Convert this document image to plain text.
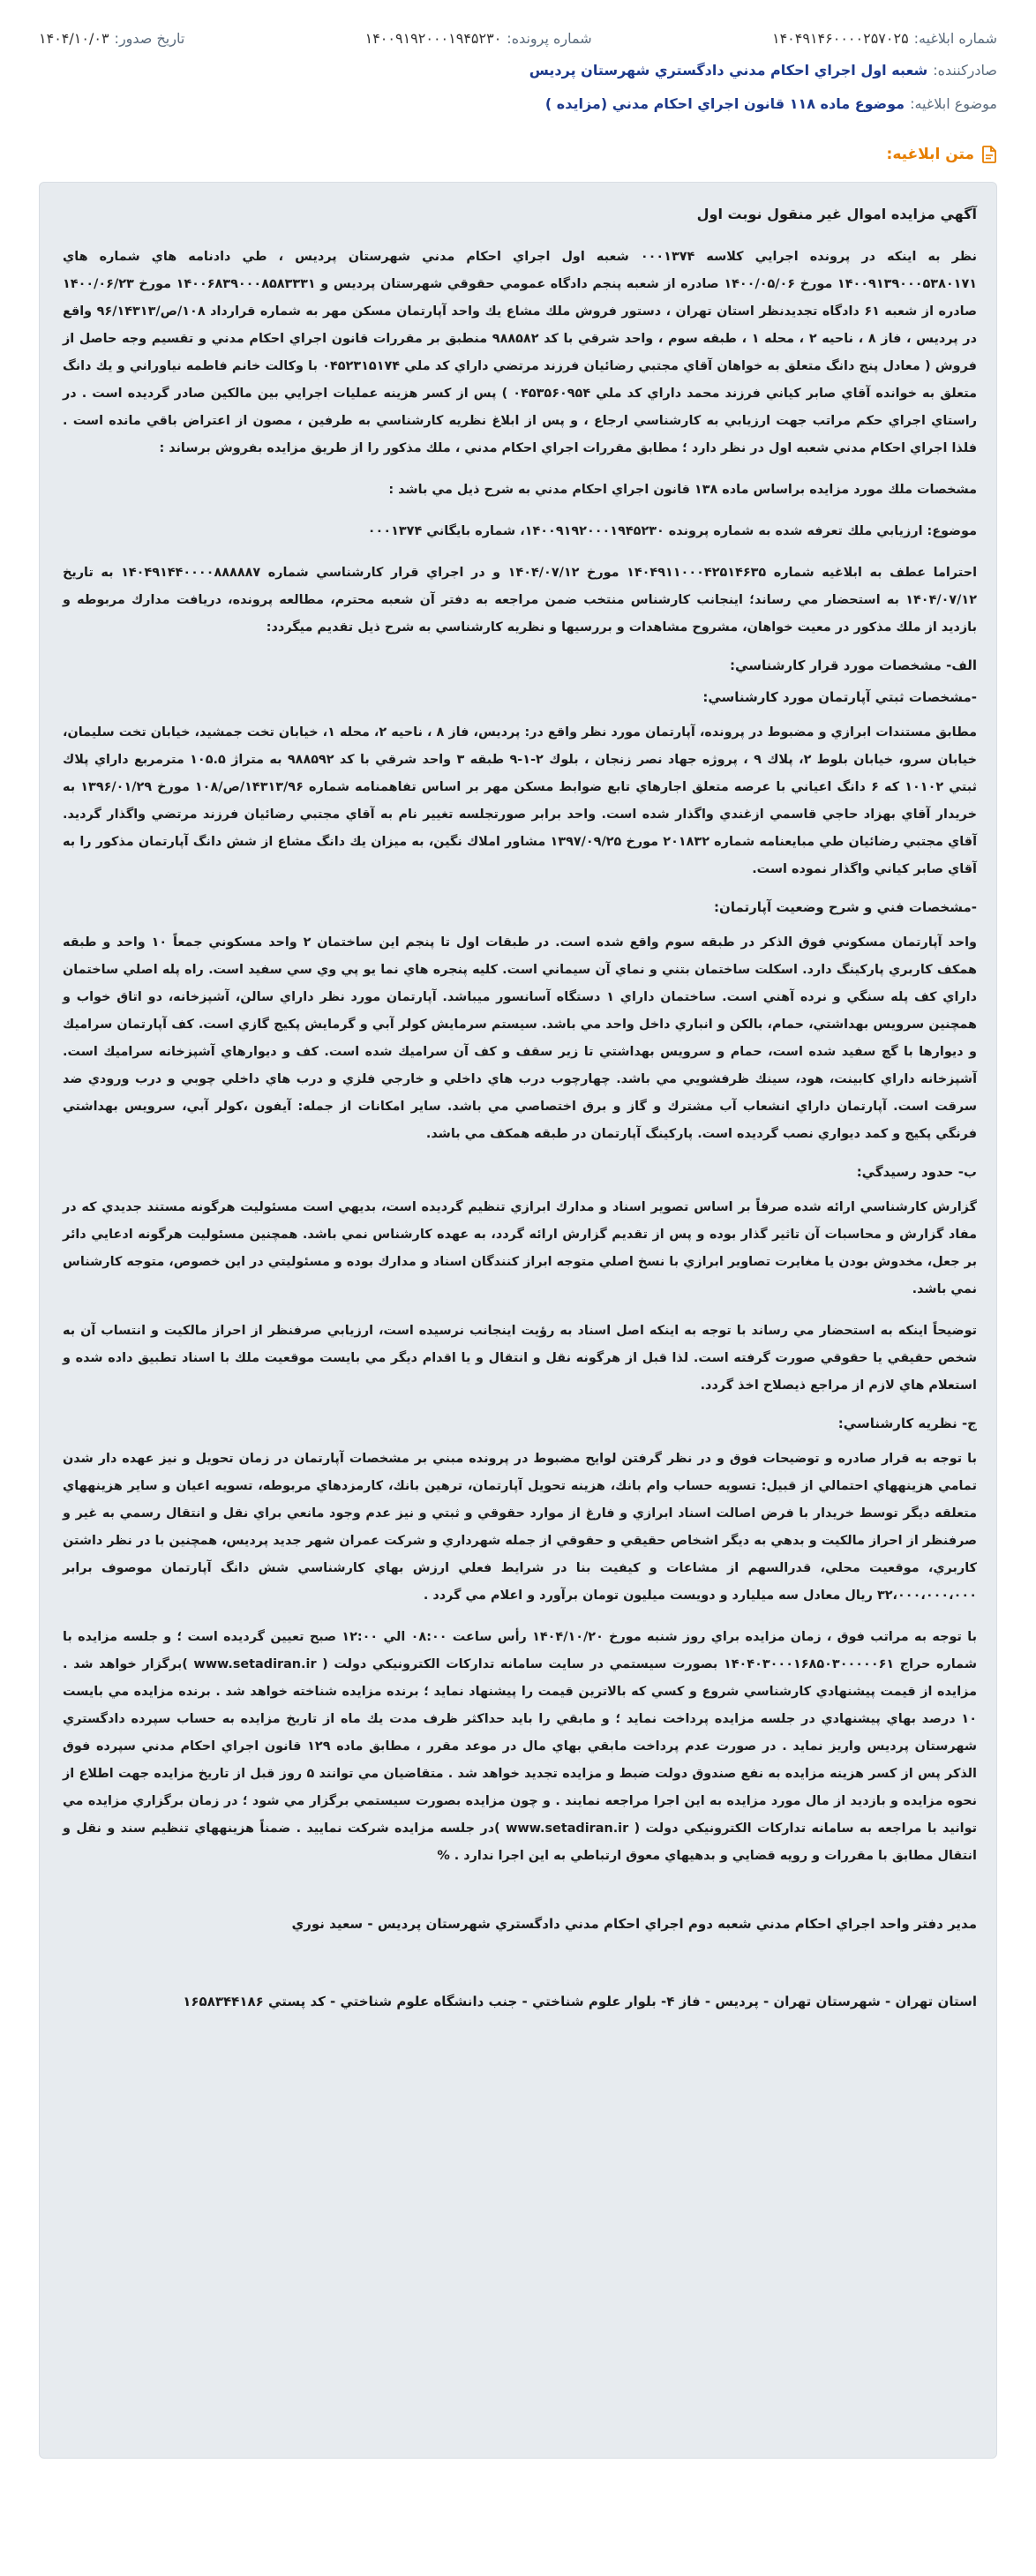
شماره ابلاغیه:
۱۴۰۴۹۱۴۶۰۰۰۰۲۵۷۰۲۵
شماره پرونده:
۱۴۰۰۹۱۹۲۰۰۰۱۹۴۵۲۳۰
تاریخ صدور:
۱۴۰۴/۱۰/۰۳
صادرکننده:
شعبه اول اجراي احكام مدني دادگستري شهرستان پرديس
موضوع ابلاغیه:
موضوع ماده ۱۱۸ قانون اجراي احكام مدني (مزايده )
متن ابلاغیه:
آگهي مزايده اموال غير منقول نوبت اول

نظر به اينكه در پرونده اجرايي كلاسه ۰۰۰۱۳۷۴ شعبه اول اجراي احكام مدني شهرستان پرديس ، طي دادنامه هاي شماره هاي ۱۴۰۰۹۱۳۹۰۰۰۵۳۸۰۱۷۱ مورخ ۱۴۰۰/۰۵/۰۶ صادره از شعبه پنجم دادگاه عمومي حقوقي شهرستان پرديس و ۱۴۰۰۶۸۳۹۰۰۰۸۵۸۳۳۳۱ مورخ ۱۴۰۰/۰۶/۲۳ صادره از شعبه ۶۱ دادگاه تجديدنظر استان تهران ، دستور فروش ملك مشاع يك واحد آپارتمان مسكن مهر به شماره قرارداد ۱۰۸/ص/۹۶/۱۴۳۱۳ واقع در پرديس ، فاز ۸ ، ناحيه ۲ ، محله ۱ ، طبقه سوم ، واحد شرقي با كد ۹۸۸۵۸۲ منطبق بر مقررات قانون اجراي احكام مدني و تقسيم وجه حاصل از فروش ( معادل پنج دانگ متعلق به خواهان آقاي مجتبي رضائيان فرزند مرتضي داراي كد ملي ۰۴۵۲۳۱۵۱۷۴ با وكالت خانم فاطمه نياوراني و يك دانگ متعلق به خوانده آقاي صابر كياني فرزند محمد داراي كد ملي ۰۴۵۳۵۶۰۹۵۴ ) پس از كسر هزينه عمليات اجرايي بين مالكين صادر گرديده است . در راستاي اجراي حكم مراتب جهت ارزيابي به كارشناسي ارجاع ، و پس از ابلاغ نظريه كارشناسي به طرفين ، مصون از اعتراض باقي مانده است . فلذا اجراي احكام مدني شعبه اول در نظر دارد ؛ مطابق مقررات اجراي احكام مدني ، ملك مذكور را از طريق مزايده بفروش برساند :

مشخصات ملك مورد مزايده براساس ماده ۱۳۸ قانون اجراي احكام مدني به شرح ذيل مي باشد :

موضوع: ارزيابي ملك تعرفه شده به شماره پرونده ۱۴۰۰۹۱۹۲۰۰۰۱۹۴۵۲۳۰، شماره بايگاني ۰۰۰۱۳۷۴

احتراما عطف به ابلاغيه شماره ۱۴۰۴۹۱۱۰۰۰۴۲۵۱۴۶۳۵ مورخ ۱۴۰۴/۰۷/۱۲ و در اجراي قرار كارشناسي شماره ۱۴۰۴۹۱۴۴۰۰۰۰۸۸۸۸۸۷ به تاريخ ۱۴۰۴/۰۷/۱۲ به استحضار مي رساند؛ اينجانب كارشناس منتخب ضمن مراجعه به دفتر آن شعبه محترم، مطالعه پرونده، دريافت مدارك مربوطه و بازديد از ملك مذكور در معيت خواهان، مشروح مشاهدات و بررسيها و نظريه كارشناسي به شرح ذيل تقديم ميگردد:

الف- مشخصات مورد قرار كارشناسي:
-مشخصات ثبتي آپارتمان مورد كارشناسي:

مطابق مستندات ابرازي و مضبوط در پرونده، آپارتمان مورد نظر واقع در: پرديس، فاز ۸ ، ناحيه ۲، محله ۱، خيابان تخت جمشيد، خيابان تخت سليمان، خيابان سرو، خيابان بلوط ۲، پلاك ۹ ، پروژه جهاد نصر زنجان ، بلوك ۲-۱-۹ طبقه ۳ واحد شرقي با كد ۹۸۸۵۹۲ به متراژ ۱۰۵.۵ مترمربع داراي پلاك ثبتي ۱۰۱۰۲ كه ۶ دانگ اعياني با عرصه متعلق اجارهاي تابع ضوابط مسكن مهر بر اساس تفاهمنامه شماره ۱۴۳۱۳/۹۶/ص/۱۰۸ مورخ ۱۳۹۶/۰۱/۲۹ به خريدار آقاي بهزاد حاجي قاسمي ازغندي واگذار شده است. واحد برابر صورتجلسه تغيير نام به آقاي مجتبي رضائيان فرزند مرتضي واگذار گرديد. آقاي مجتبي رضائيان طي مبايعنامه شماره ۲۰۱۸۳۲ مورخ ۱۳۹۷/۰۹/۲۵ مشاور املاك نگين، به ميزان يك دانگ مشاع از شش دانگ آپارتمان مذكور را به آقاي صابر كياني واگذار نموده است.

-مشخصات فني و شرح وضعيت آپارتمان:

واحد آپارتمان مسكوني فوق الذكر در طبقه سوم واقع شده است. در طبقات اول تا پنجم اين ساختمان ۲ واحد مسكوني جمعاً ۱۰ واحد و طبقه همكف كاربري پاركينگ دارد. اسكلت ساختمان بتني و نماي آن سيماني است. كليه پنجره هاي نما يو پي وي سي سفيد است. راه پله اصلي ساختمان داراي كف پله سنگي و نرده آهني است. ساختمان داراي ۱ دستگاه آسانسور ميباشد. آپارتمان مورد نظر داراي سالن، آشپزخانه، دو اتاق خواب و همچنين سرويس بهداشتي، حمام، بالكن و انباري داخل واحد مي باشد. سيستم سرمايش كولر آبي و گرمايش پكيج گازي است. كف آپارتمان سراميك و ديوارها با گچ سفيد شده است، حمام و سرويس بهداشتي تا زير سقف و كف آن سراميك شده است. كف و ديوارهاي آشپزخانه سراميك است. آشپزخانه داراي كابينت، هود، سينك ظرفشويي مي باشد. چهارچوب درب هاي داخلي و خارجي فلزي و درب هاي داخلي چوبي و درب ورودي ضد سرقت است. آپارتمان داراي انشعاب آب مشترك و گاز و برق اختصاصي مي باشد. ساير امكانات از جمله: آيفون ،كولر آبي، سرويس بهداشتي فرنگي پكيج و كمد ديواري نصب گرديده است. پاركينگ آپارتمان در طبقه همكف مي باشد.

ب- حدود رسيدگي:

گزارش كارشناسي ارائه شده صرفاً بر اساس تصوير اسناد و مدارك ابرازي تنظيم گرديده است، بديهي است مسئوليت هرگونه مستند جديدي كه در مفاد گزارش و محاسبات آن تاثير گذار بوده و پس از تقديم گزارش ارائه گردد، به عهده كارشناس نمي باشد. همچنين مسئوليت هرگونه ادعايي دائر بر جعل، مخدوش بودن يا مغايرت تصاوير ابرازي با نسخ اصلي متوجه ابراز كنندگان اسناد و مدارك بوده و مسئوليتي در اين خصوص، متوجه كارشناس نمي باشد.

توضيحاً اينكه به استحضار مي رساند با توجه به اينكه اصل اسناد به رؤيت اينجانب نرسيده است، ارزيابي صرفنظر از احراز مالكيت و انتساب آن به شخص حقيقي يا حقوقي صورت گرفته است. لذا قبل از هرگونه نقل و انتقال و يا اقدام ديگر مي بايست موقعيت ملك با اسناد تطبيق داده شده و استعلام هاي لازم از مراجع ذيصلاح اخذ گردد.

ج- نظريه كارشناسي:

با توجه به قرار صادره و توضيحات فوق و در نظر گرفتن لوايح مضبوط در پرونده مبني بر مشخصات آپارتمان در زمان تحويل و نيز عهده دار شدن تمامي هزينههاي احتمالي از قبيل: تسويه حساب وام بانك، هزينه تحويل آپارتمان، ترهين بانك، كارمزدهاي مربوطه، تسويه اعيان و ساير هزينههاي متعلقه ديگر توسط خريدار با فرض اصالت اسناد ابرازي و فارغ از موارد حقوقي و ثبتي و نيز عدم وجود مانعي براي نقل و انتقال رسمي به غير و صرفنظر از احراز مالكيت و بدهي به ديگر اشخاص حقيقي و حقوقي از جمله شهرداري و شركت عمران شهر جديد پرديس، همچنين با در نظر داشتن كاربري، موقعيت محلي، قدرالسهم از مشاعات و كيفيت بنا در شرايط فعلي ارزش بهاي كارشناسي شش دانگ آپارتمان موصوف برابر ۳۲،۰۰۰،۰۰۰،۰۰۰ ريال معادل سه ميليارد و دويست ميليون تومان برآورد و اعلام مي گردد .

با توجه به مراتب فوق ، زمان مزايده براي روز شنبه مورخ ۱۴۰۴/۱۰/۲۰ رأس ساعت ۰۸:۰۰ الي ۱۲:۰۰ صبح تعيين گرديده است ؛ و جلسه مزايده با شماره حراج ۱۴۰۴۰۳۰۰۰۱۶۸۵۰۳۰۰۰۰۰۶۱ بصورت سيستمي در سايت سامانه تداركات الكترونيكي دولت ( www.setadiran.ir )برگزار خواهد شد . مزايده از قيمت پيشنهادي كارشناسي شروع و كسي كه بالاترين قيمت را پيشنهاد نمايد ؛ برنده مزايده شناخته خواهد شد . برنده مزايده مي بايست ۱۰ درصد بهاي پيشنهادي در جلسه مزايده پرداخت نمايد ؛ و مابقي را بايد حداكثر ظرف مدت يك ماه از تاريخ مزايده به حساب سپرده دادگستري شهرستان پرديس واريز نمايد . در صورت عدم پرداخت مابقي بهاي مال در موعد مقرر ، مطابق ماده ۱۲۹ قانون اجراي احكام مدني سپرده فوق الذكر پس از كسر هزينه مزايده به نفع صندوق دولت ضبط و مزايده تجديد خواهد شد . متقاضيان مي توانند ۵ روز قبل از تاريخ مزايده جهت اطلاع از نحوه مزايده و بازديد از مال مورد مزايده به اين اجرا مراجعه نمايند . و چون مزايده بصورت سيستمي برگزار مي شود ؛ در زمان برگزاري مزايده مي توانيد با مراجعه به سامانه تداركات الكترونيكي دولت ( www.setadiran.ir )در جلسه مزايده شركت نماييد . ضمناً هزينههاي تنظيم سند و نقل و انتقال مطابق با مقررات و رويه قضايي و بدهيهاي معوق ارتباطي به اين اجرا ندارد . %

مدير دفتر واحد اجراي احكام مدني شعبه دوم اجراي احكام مدني دادگستري شهرستان پرديس - سعيد نوري
استان تهران - شهرستان تهران - پرديس - فاز ۴- بلوار علوم شناختي - جنب دانشگاه علوم شناختي - كد پستي ۱۶۵۸۳۴۴۱۸۶
